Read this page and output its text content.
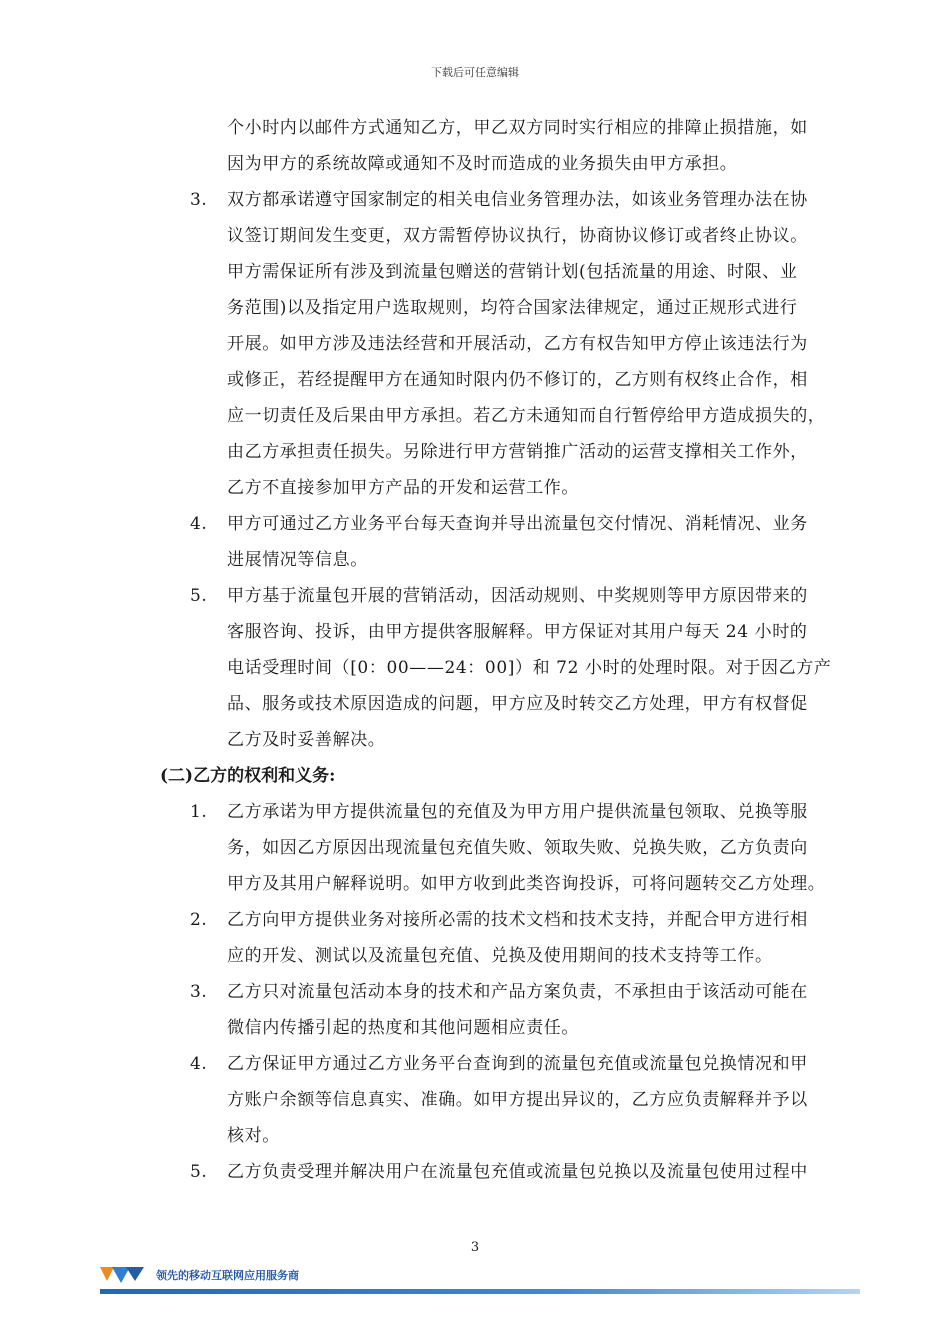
下载后可任意编辑
个小时内以邮件方式通知乙方，甲乙双方同时实行相应的排障止损措施，如
因为甲方的系统故障或通知不及时而造成的业务损失由甲方承担。
3. 双方都承诺遵守国家制定的相关电信业务管理办法，如该业务管理办法在协
议签订期间发生变更，双方需暂停协议执行，协商协议修订或者终止协议。
甲方需保证所有涉及到流量包赠送的营销计划(包括流量的用途、时限、业
务范围)以及指定用户选取规则，均符合国家法律规定，通过正规形式进行
开展。如甲方涉及违法经营和开展活动，乙方有权告知甲方停止该违法行为
或修正，若经提醒甲方在通知时限内仍不修订的，乙方则有权终止合作，相
应一切责任及后果由甲方承担。若乙方未通知而自行暂停给甲方造成损失的，
由乙方承担责任损失。另除进行甲方营销推广活动的运营支撑相关工作外，
乙方不直接参加甲方产品的开发和运营工作。
4. 甲方可通过乙方业务平台每天查询并导出流量包交付情况、消耗情况、业务
进展情况等信息。
5. 甲方基于流量包开展的营销活动，因活动规则、中奖规则等甲方原因带来的
客服咨询、投诉，由甲方提供客服解释。甲方保证对其用户每天 24 小时的
电话受理时间（[0：00——24：00]）和 72 小时的处理时限。对于因乙方产
品、服务或技术原因造成的问题，甲方应及时转交乙方处理，甲方有权督促
乙方及时妥善解决。
(二)乙方的权利和义务:
1. 乙方承诺为甲方提供流量包的充值及为甲方用户提供流量包领取、兑换等服
务，如因乙方原因出现流量包充值失败、领取失败、兑换失败，乙方负责向
甲方及其用户解释说明。如甲方收到此类咨询投诉，可将问题转交乙方处理。
2. 乙方向甲方提供业务对接所必需的技术文档和技术支持，并配合甲方进行相
应的开发、测试以及流量包充值、兑换及使用期间的技术支持等工作。
3. 乙方只对流量包活动本身的技术和产品方案负责，不承担由于该活动可能在
微信内传播引起的热度和其他问题相应责任。
4. 乙方保证甲方通过乙方业务平台查询到的流量包充值或流量包兑换情况和甲
方账户余额等信息真实、准确。如甲方提出异议的，乙方应负责解释并予以
核对。
5. 乙方负责受理并解决用户在流量包充值或流量包兑换以及流量包使用过程中
3
领先的移动互联网应用服务商
